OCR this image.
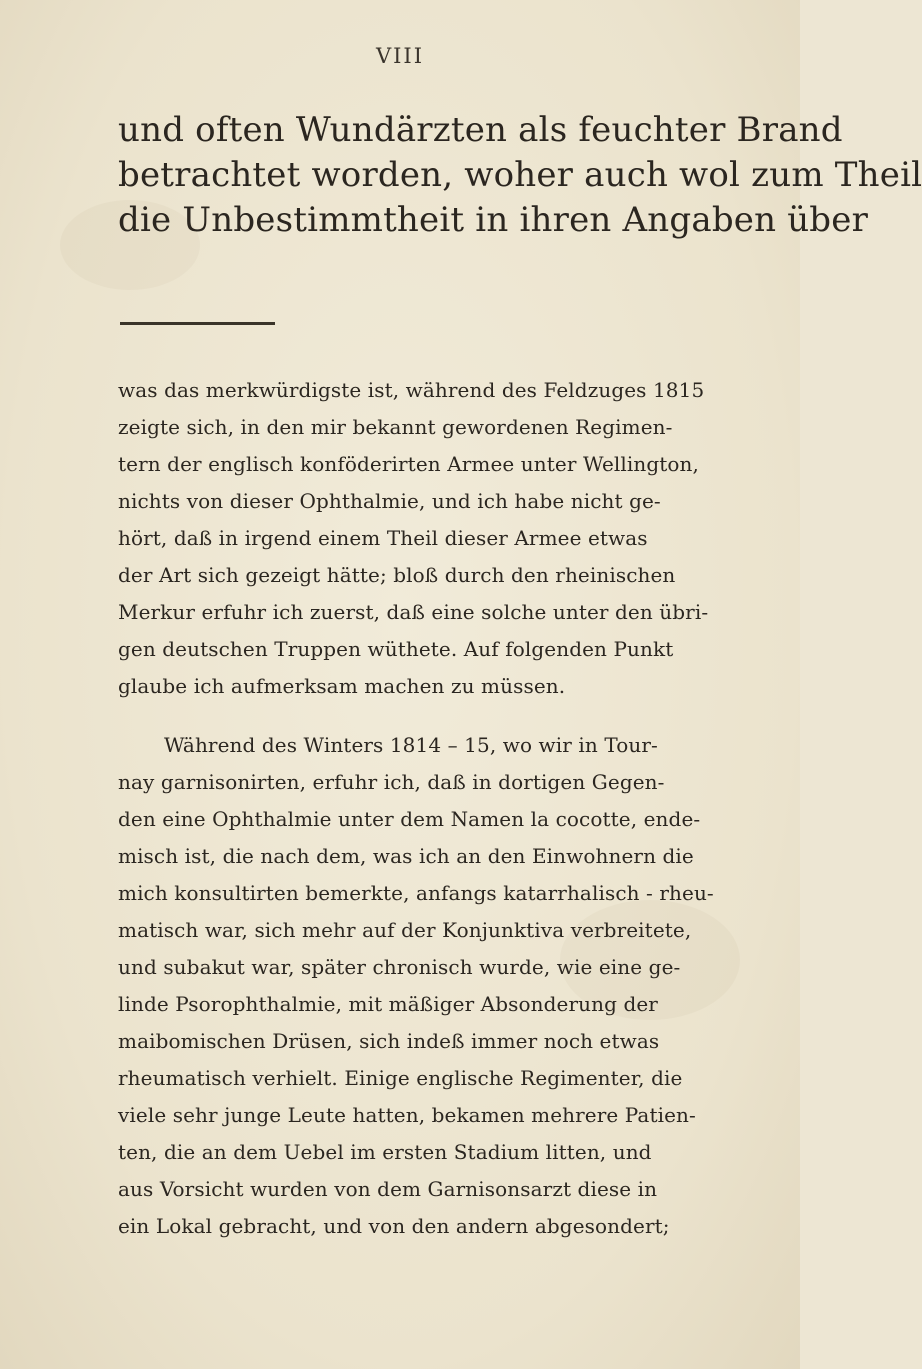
VIII
und often Wundärzten als feuchter Brand
betrachtet worden, woher auch wol zum Theil
die Unbestimmtheit in ihren Angaben über
was das merkwürdigste ist, während des Feldzuges 1815
zeigte sich, in den mir bekannt gewordenen Regimen-
tern der englisch konföderirten Armee unter Wellington,
nichts von dieser Ophthalmie, und ich habe nicht ge-
hört, daß in irgend einem Theil dieser Armee etwas
der Art sich gezeigt hätte; bloß durch den rheinischen
Merkur erfuhr ich zuerst, daß eine solche unter den übri-
gen deutschen Truppen wüthete. Auf folgenden Punkt
glaube ich aufmerksam machen zu müssen.
Während des Winters 1814 – 15, wo wir in Tour-
nay garnisonirten, erfuhr ich, daß in dortigen Gegen-
den eine Ophthalmie unter dem Namen la cocotte, ende-
misch ist, die nach dem, was ich an den Einwohnern die
mich konsultirten bemerkte, anfangs katarrhalisch - rheu-
matisch war, sich mehr auf der Konjunktiva verbreitete,
und subakut war, später chronisch wurde, wie eine ge-
linde Psorophthalmie, mit mäßiger Absonderung der
maibomischen Drüsen, sich indeß immer noch etwas
rheumatisch verhielt. Einige englische Regimenter, die
viele sehr junge Leute hatten, bekamen mehrere Patien-
ten, die an dem Uebel im ersten Stadium litten, und
aus Vorsicht wurden von dem Garnisonsarzt diese in
ein Lokal gebracht, und von den andern abgesondert;
